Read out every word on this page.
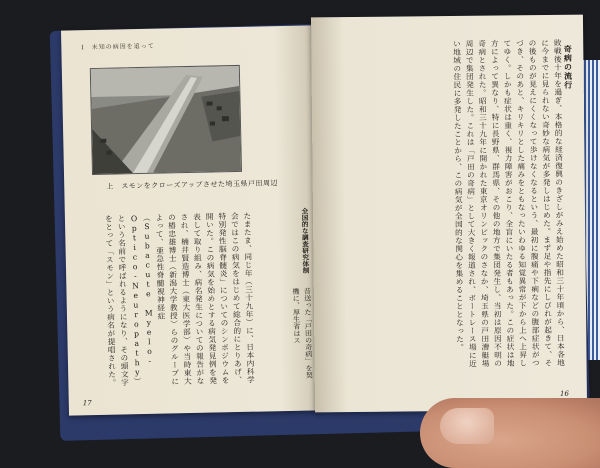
Ⅰ　未知の病因を追って
上　スモンをクローズアップさせた埼玉県戸田周辺
たまたま、同じ年（三十九年）に、日本内科学会ではこの病気をはじめて総合的にとりあげ、特別発性脳脊髄炎」についてのシンポジウムを開いた。この病気を始めとする病気発見例を発表して取り組み、病名発生についての報告がなされ、楠井賢造博士（東大医学部）や当時東大の椿忠雄博士（新潟大学教授）らのグループによって、亜急性脊髄視神経症（Subacute Myelo-Optico-Neuropathy）という名前で呼ばれるようになり、その頭文字をとって「スモン」という病名が提唱された。	全国的な調査研究体制
昔送った「戸田の奇病」を契機に、厚生省はス
17
奇病の流行
敗戦後十年を過ぎ、本格的な経済復興のきざしがみえ始めた昭和三十年頃から、日本各地に今までに見られない奇妙な病気が多発しはじめた。まず足や指先にしびれが起きて、その後ものが見えにくくなって歩けなくなるという、最初に腹痛や下痢などの腹部症状がつづき、そのあと、キリキリとした痛みをともなったいわゆる知覚異常が下から上へ上昇してゆく。しかも症状は重く、視力障害がおこり、全盲にいたる者もあった。この症状は地方によって異なり、特に長野県、群馬県、その他の地方で集団発生し、当初は原因不明の奇病とされた。昭和三十九年に開かれた東京オリンピックのさなか、埼玉県の戸田漕艇場周辺で集団発生した。これは「戸田の奇病」として大きく報道され、ボートレース場に近い地域の住民に多発したことから、この病気が全国的な関心を集めることとなった。
16
